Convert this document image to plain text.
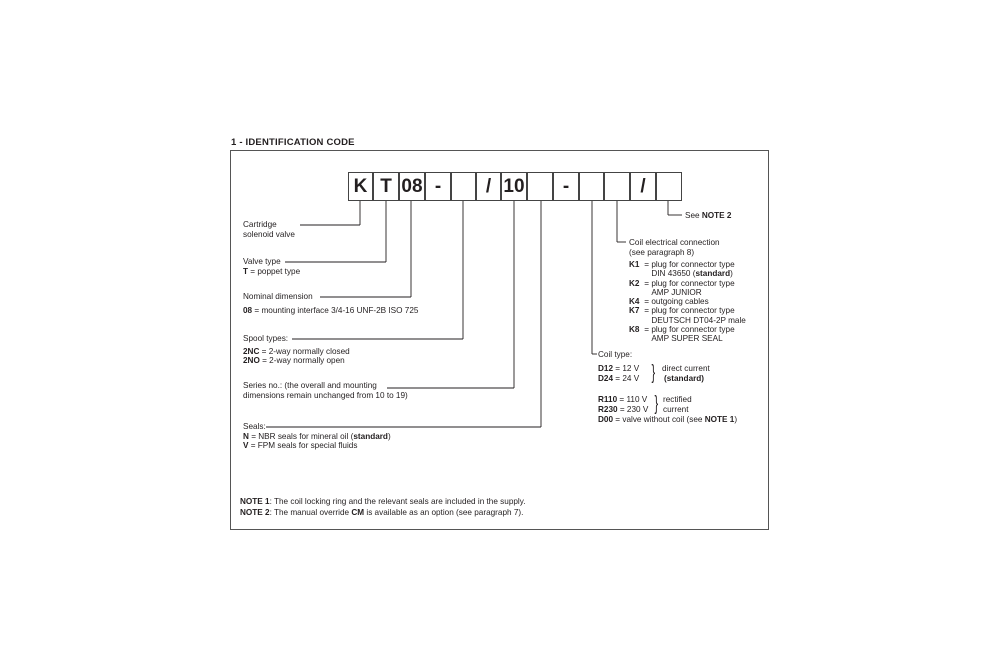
1 - IDENTIFICATION CODE
K T 08 -	/ 10	-	/
Cartridge
solenoid valve
Valve type
T = poppet type
Nominal dimension
08 = mounting interface 3/4-16 UNF-2B ISO 725
Spool types:
2NC = 2-way normally closed
2NO = 2-way normally open
Series no.: (the overall and mounting
dimensions remain unchanged from 10 to 19)
Seals:
N = NBR seals for mineral oil (standard)
V = FPM seals for special fluids
See NOTE 2
Coil electrical connection
(see paragraph 8)
K1 = plug for connector type
DIN 43650 (standard)
K2 = plug for connector type
AMP JUNIOR
K4 = outgoing cables
K7 = plug for connector type
DEUTSCH DT04-2P male
K8 = plug for connector type
AMP SUPER SEAL
Coil type:
D12 = 12 V
D24 = 24 V } direct current
(standard)
R110 = 110 V
R230 = 230 V } rectified
current
D00 = valve without coil (see NOTE 1)
NOTE 1: The coil locking ring and the relevant seals are included in the supply.
NOTE 2: The manual override CM is available as an option (see paragraph 7).
